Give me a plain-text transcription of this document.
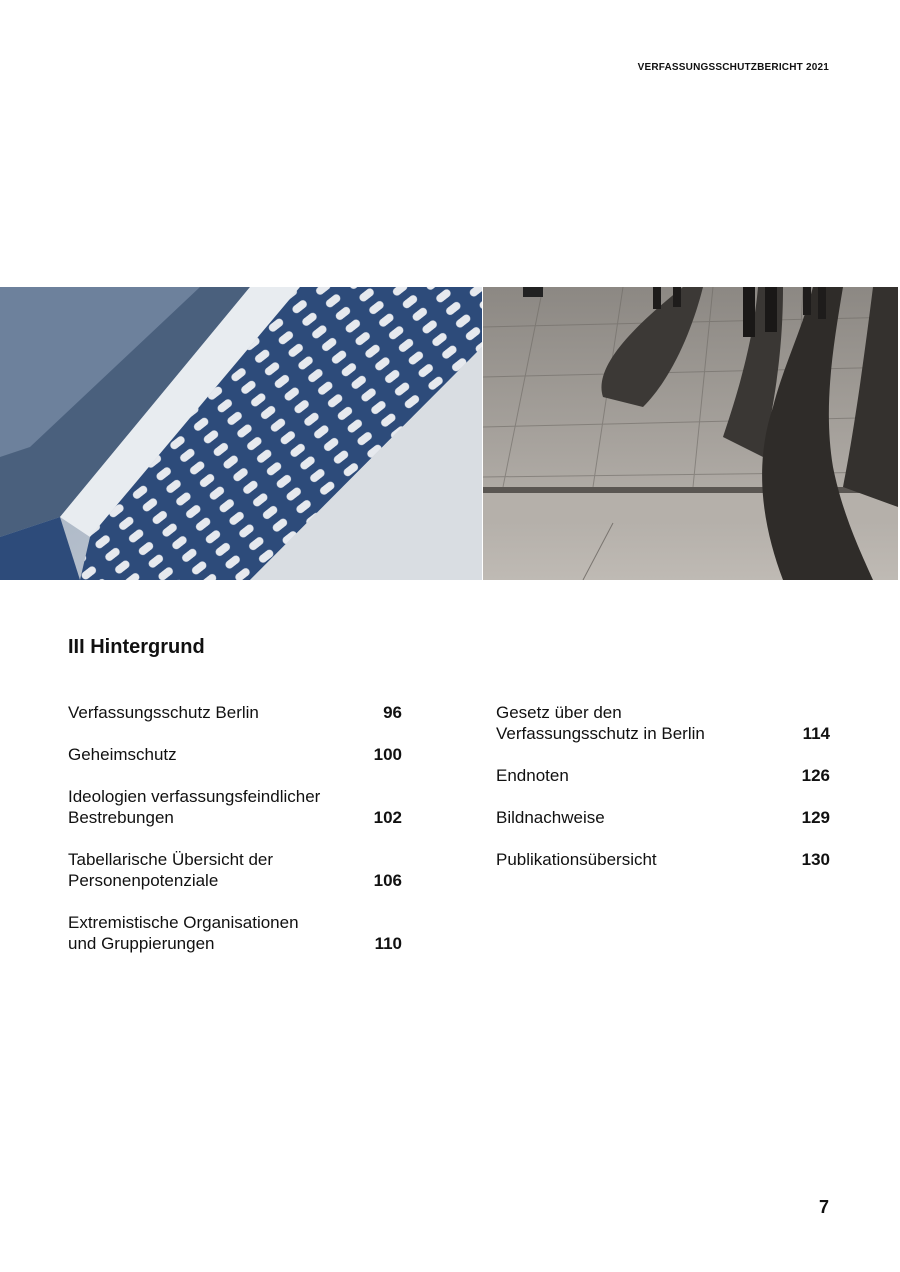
VERFASSUNGSSCHUTZBERICHT 2021
III Hintergrund
Verfassungsschutz Berlin	96
Geheimschutz	100
Ideologien verfassungsfeindlicher
Bestrebungen	102
Tabellarische Übersicht der
Personenpotenziale	106
Extremistische Organisationen
und Gruppierungen	110
Gesetz über den
Verfassungsschutz in Berlin	114
Endnoten	126
Bildnachweise	129
Publikationsübersicht	130
7
